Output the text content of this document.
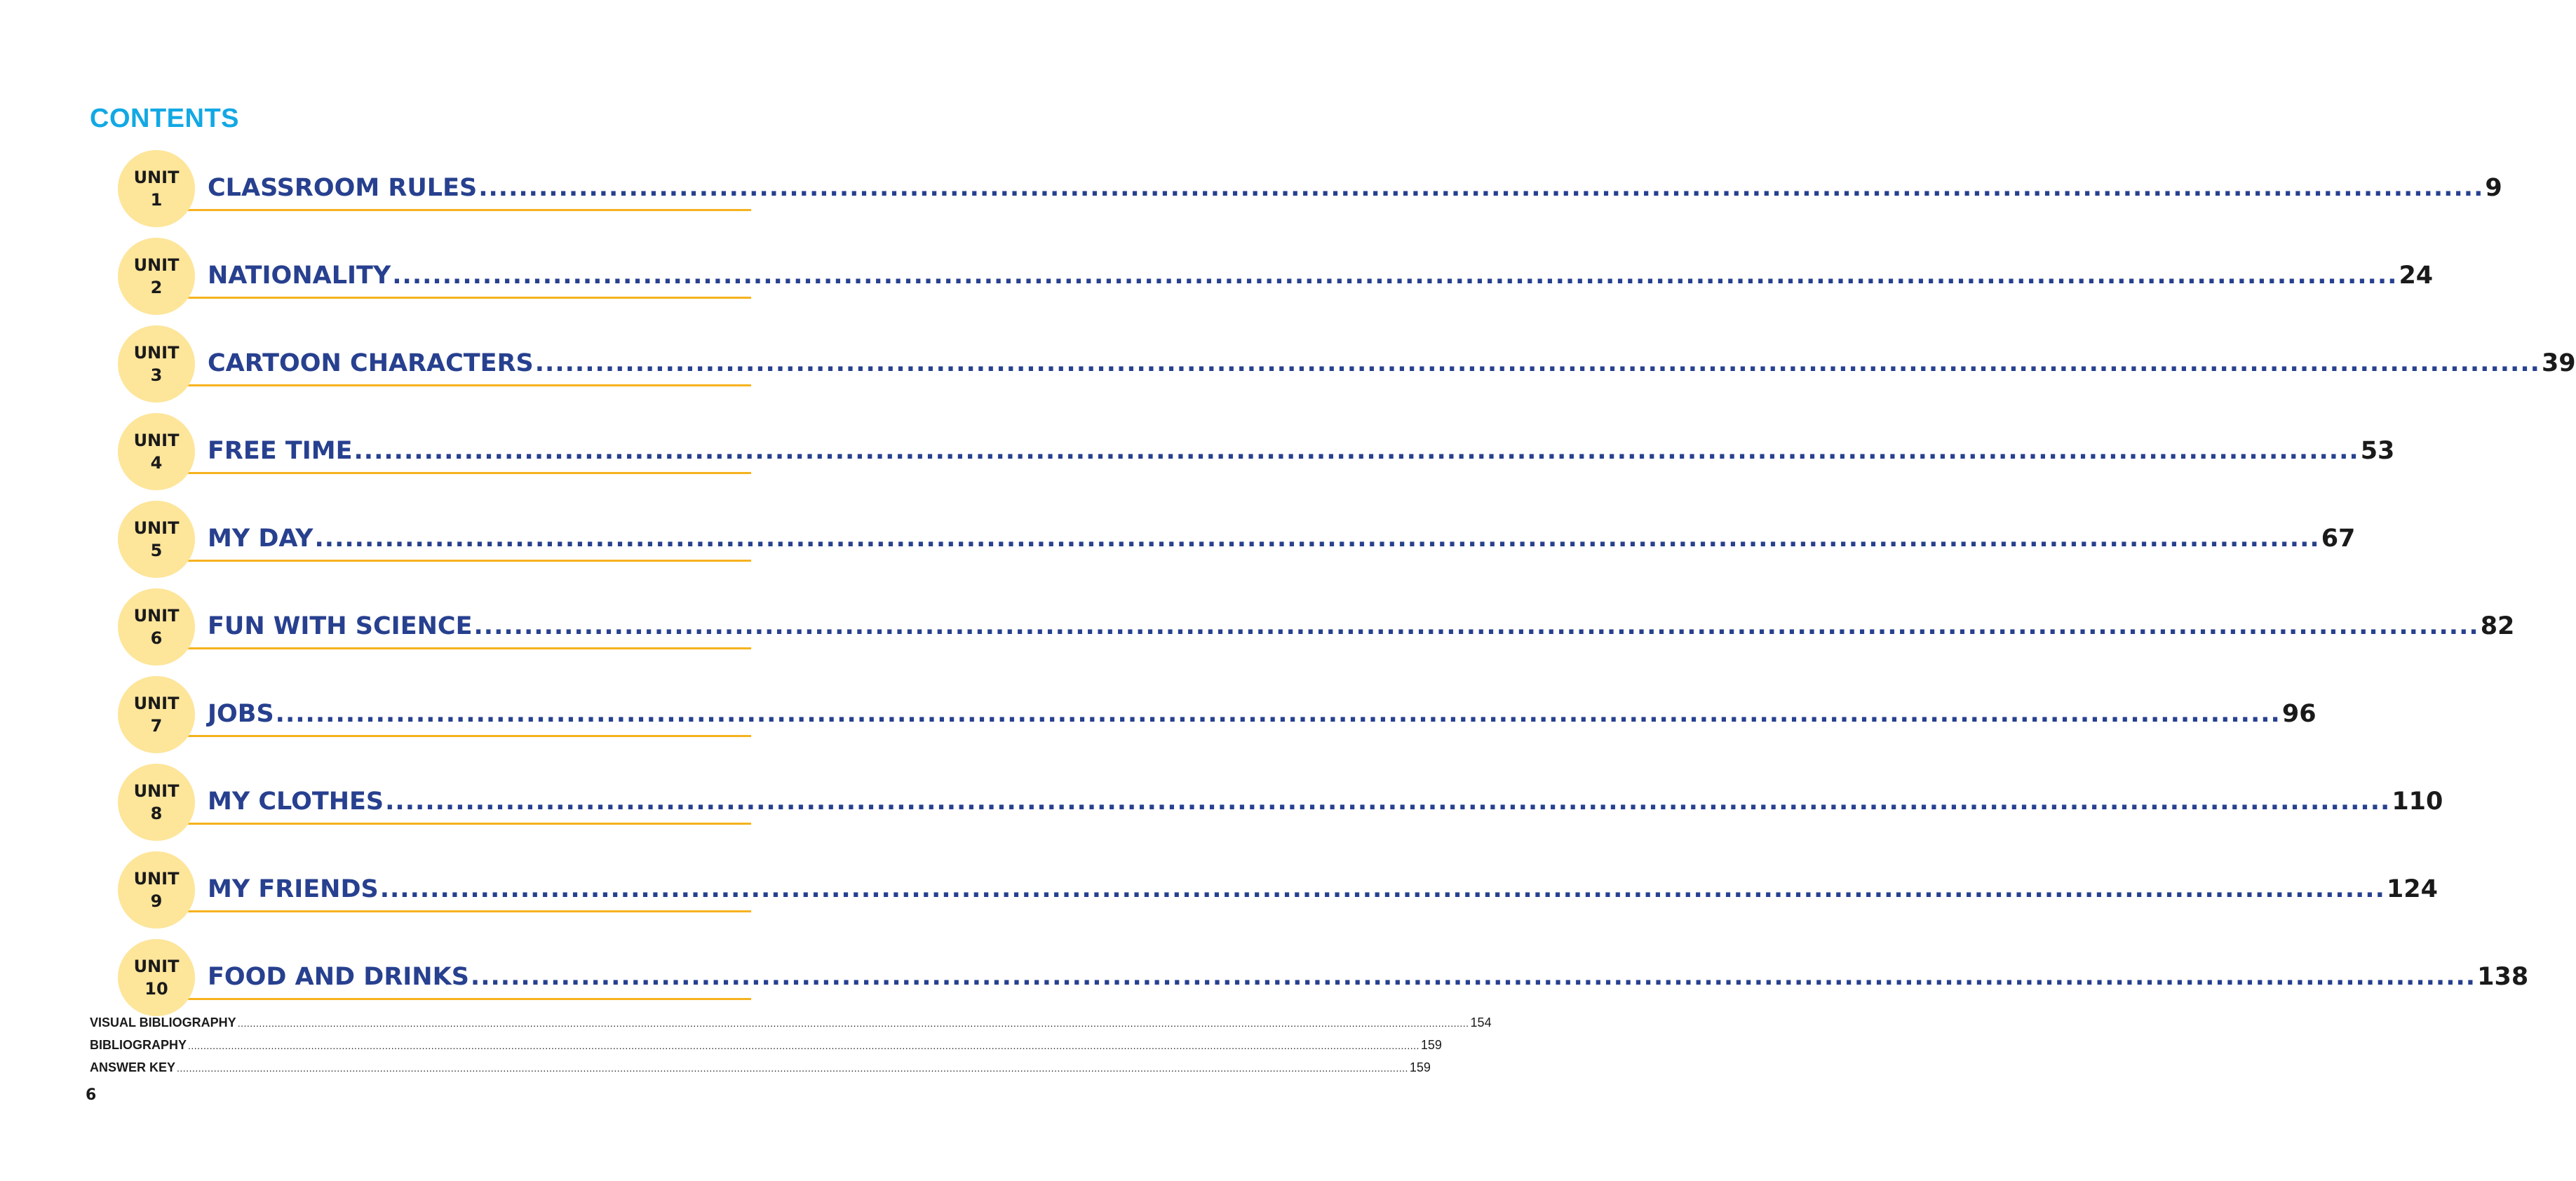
CONTENTS
UNIT
1 CLASSROOM RULES ........................................................................................................................................................................................................ 9
UNIT
2 NATIONALITY ........................................................................................................................................................................................................ 24
UNIT
3 CARTOON CHARACTERS ........................................................................................................................................................................................................ 39
UNIT
4 FREE TIME ........................................................................................................................................................................................................ 53
UNIT
5 MY DAY ........................................................................................................................................................................................................ 67
UNIT
6 FUN WITH SCIENCE ........................................................................................................................................................................................................ 82
UNIT
7 JOBS ........................................................................................................................................................................................................ 96
UNIT
8 MY CLOTHES ........................................................................................................................................................................................................ 110
UNIT
9 MY FRIENDS ........................................................................................................................................................................................................ 124
UNIT
10 FOOD AND DRINKS ........................................................................................................................................................................................................ 138
VISUAL BIBLIOGRAPHY ................................................................................................................................................................................................................................................................................................................................................................................................................ 154
BIBLIOGRAPHY ................................................................................................................................................................................................................................................................................................................................................................................................................ 159
ANSWER KEY ................................................................................................................................................................................................................................................................................................................................................................................................................ 159
6
